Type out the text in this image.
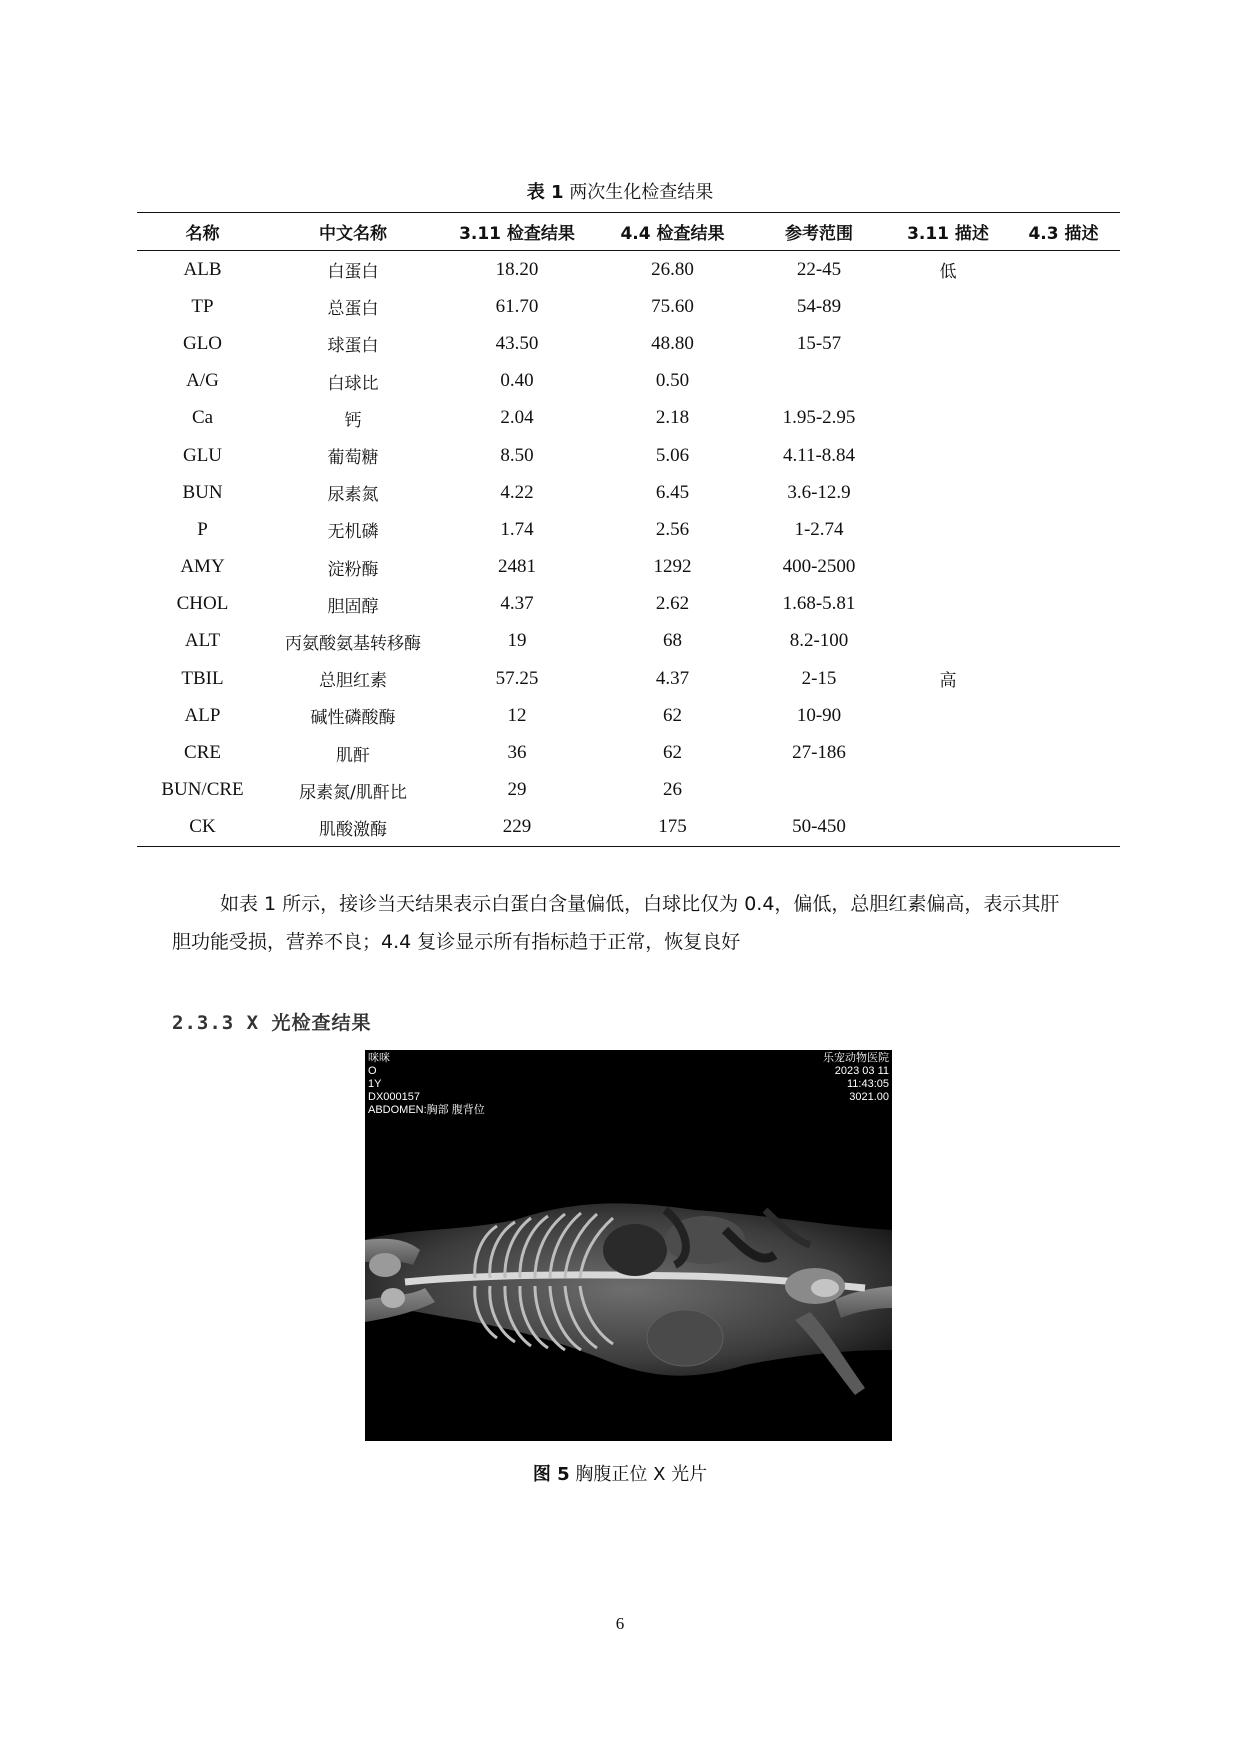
表 1 两次生化检查结果
名称	中文名称	3.11 检查结果	4.4 检查结果	参考范围	3.11 描述	4.3 描述
ALB	白蛋白	18.20	26.80	22-45	低	
TP	总蛋白	61.70	75.60	54-89		
GLO	球蛋白	43.50	48.80	15-57		
A/G	白球比	0.40	0.50			
Ca	钙	2.04	2.18	1.95-2.95		
GLU	葡萄糖	8.50	5.06	4.11-8.84		
BUN	尿素氮	4.22	6.45	3.6-12.9		
P	无机磷	1.74	2.56	1-2.74		
AMY	淀粉酶	2481	1292	400-2500		
CHOL	胆固醇	4.37	2.62	1.68-5.81		
ALT	丙氨酸氨基转移酶	19	68	8.2-100		
TBIL	总胆红素	57.25	4.37	2-15	高	
ALP	碱性磷酸酶	12	62	10-90		
CRE	肌酐	36	62	27-186		
BUN/CRE	尿素氮/肌酐比	29	26			
CK	肌酸激酶	229	175	50-450		

如表 1 所示，接诊当天结果表示白蛋白含量偏低，白球比仅为 0.4，偏低，总胆红素偏高，表示其肝胆功能受损，营养不良；4.4 复诊显示所有指标趋于正常，恢复良好

2.3.3 X 光检查结果
咪咪
O
1Y
DX000157
ABDOMEN:胸部 腹背位
乐宠动物医院
2023 03 11
11:43:05
3021.00
图 5 胸腹正位 X 光片
6
